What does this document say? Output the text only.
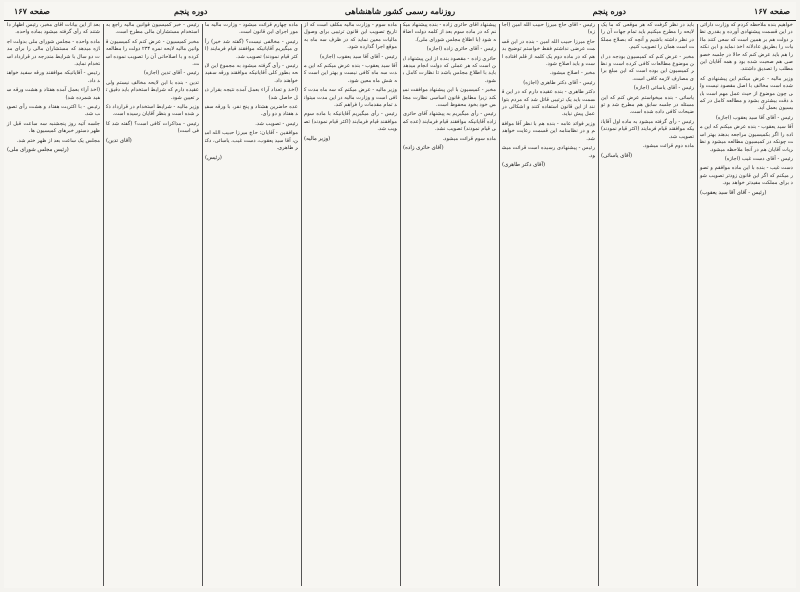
صفحه ۱۶۷
دوره پنجم
روزنامه رسمی کشور شاهنشاهی
دوره پنجم
صفحه ۱۶۷

خواهیم بنده ملاحظه کردم که وزارت دارائی در این قسمت پیشنهادی آورده و بقدری نظر دولت هم بر همین است که سعی کنند مالیات را بطریق عادلانه اخذ نماید و این نکته را هم باید عرض کنم که حالا در جلسه خصوصی هم صحبت شده بود و همه آقایان این مطلب را تصدیق داشتند.

وزیر مالیه - عرض میکنم این پیشنهادی که شده است مخالف با اصل مقصود نیست ولی چون موضوع از حیث عمل مهم است باید دقت بیشتری بشود و مطالعه کامل در کمیسیون بعمل آید.

رئیس - آقای آقا سید یعقوب (اجازه)

آقا سید یعقوب - بنده عرض میکنم که این ماده را اگر بکمیسیون مراجعه بدهند بهتر است چونکه در کمیسیون مطالعه میشود و نظریات آقایان هم در آنجا ملاحظه میشود.

رئیس - آقای دست غیب (اجازه)

دست غیب - بنده با این ماده موافقم و تصور میکنم که اگر این قانون زودتر تصویب شود برای مملکت مفیدتر خواهد بود.

(رئیس - آقای آقا سید یعقوب)

باید در نظر گرفت که هر موقعی که ما یک لایحه را مطرح میکنیم باید تمام جهات آن را در نظر داشته باشیم و آنچه که بصلاح مملکت است همان را تصویب کنیم.

مخبر - عرض کنم که کمیسیون بودجه در این موضوع مطالعات کافی کرده است و نظر کمیسیون این بوده است که این مبلغ برای مصارف لازمه کافی است.

رئیس - آقای یاسائی (اجازه)

یاسائی - بنده میخواستم عرض کنم که این مسئله در جلسه سابق هم مطرح شد و توضیحات کافی داده شده است.

رئیس - رأی گرفته میشود به ماده اول آقایانیکه موافقند قیام فرمایند (اکثر قیام نمودند) تصویب شد.

ماده دوم قرائت میشود.

(آقای یاسائی)

رئیس - آقای حاج میرزا حبیب الله امین (اجازه)

حاج میرزا حبیب الله امین - بنده در این قسمت عرضی نداشتم فقط خواستم توضیح بدهم که در ماده دوم یک کلمه از قلم افتاده است و باید اصلاح شود.

مخبر - اصلاح میشود.

رئیس - آقای دکتر طاهری (اجازه)

دکتر طاهری - بنده عقیده دارم که در این قسمت باید یک ترتیبی قائل شد که مردم بتوانند از این قانون استفاده کنند و اشکالی در عمل پیش نیاید.

وزیر فوائد عامه - بنده هم با نظر آقا موافقم و در نظامنامه این قسمت رعایت خواهد شد.

رئیس - پیشنهادی رسیده است قرائت میشود.

(آقای دکتر طاهری)

پیشنهاد آقای حائری زاده - بنده پیشنهاد میکنم که در ماده سوم بعد از کلمه دولت اضافه شود (با اطلاع مجلس شورای ملی).

رئیس - آقای حائری زاده (اجازه)

حائری زاده - مقصود بنده از این پیشنهاد این است که هر عملی که دولت انجام میدهد باید با اطلاع مجلس باشد تا نظارت کامل بشود.

مخبر - کمیسیون با این پیشنهاد موافقت نمیکند زیرا مطابق قانون اساسی نظارت مجلس خود بخود محفوظ است.

رئیس - رأی میگیریم به پیشنهاد آقای حائری زاده آقایانیکه موافقند قیام فرمایند (عده کمی قیام نمودند) تصویب نشد.

ماده سوم قرائت میشود.

(آقای حائری زاده)

ماده سوم - وزارت مالیه مکلف است که از تاریخ تصویب این قانون ترتیبی برای وصول مالیات معین نماید که در ظرف سه ماه به موقع اجرا گذارده شود.

رئیس - آقای آقا سید یعقوب (اجازه)

آقا سید یعقوب - بنده عرض میکنم که این مدت سه ماه کافی نیست و بهتر این است که شش ماه معین شود.

وزیر مالیه - عرض میکنم که سه ماه مدت کافی است و وزارت مالیه در این مدت میتواند تمام مقدمات را فراهم کند.

رئیس - رأی میگیریم آقایانیکه با ماده سوم موافقند قیام فرمایند (اکثر قیام نمودند) تصویب شد.

(وزیر مالیه)

ماده چهارم قرائت میشود - وزارت مالیه مأمور اجرای این قانون است.

رئیس - مخالفی نیست؟ (گفته شد خیر) رأی میگیریم آقایانیکه موافقند قیام فرمایند (اکثر قیام نمودند) تصویب شد.

رئیس - رأی گرفته میشود به مجموع این لایحه بطور کلی آقایانیکه موافقند ورقه سفید خواهند داد.

(اخذ و تعداد آراء بعمل آمده نتیجه بقرار ذیل حاصل شد)

عده حاضرین هشتاد و پنج نفر، با ورقه سفید هفتاد و دو رأی.

رئیس - تصویب شد.

موافقین - آقایان: حاج میرزا حبیب الله امین، آقا سید یعقوب، دست غیب، یاسائی، دکتر طاهری.

(رئیس)

رئیس - خبر کمیسیون قوانین مالیه راجع به استخدام مستشاران مالی مطرح است.

مخبر کمیسیون - عرض کنم که کمیسیون قوانین مالیه لایحه نمره ۲۳۴ دولت را مطالعه کرده و با اصلاحاتی آن را تصویب نموده است.

رئیس - آقای تدین (اجازه)

تدین - بنده با این لایحه مخالف نیستم ولی عقیده دارم که شرایط استخدام باید دقیق تر تعیین شود.

وزیر مالیه - شرایط استخدام در قرارداد ذکر شده است و بنظر آقایان رسیده است.

رئیس - مذاکرات کافی است؟ (گفته شد کافی است)

(آقای تدین)

بعد از این بیانات آقای مخبر، رئیس اظهار داشتند که رأی گرفته میشود بماده واحده.

ماده واحده - مجلس شورای ملی بدولت اجازه میدهد که مستشاران مالی را برای مدت دو سال با شرایط مندرجه در قرارداد استخدام نماید.

رئیس - آقایانیکه موافقند ورقه سفید خواهند داد.

(اخذ آراء بعمل آمده هفتاد و هشت ورقه سفید شمرده شد)

رئیس - با اکثریت هفتاد و هشت رأی تصویب شد.

جلسه آتیه روز پنجشنبه سه ساعت قبل از ظهر دستور خبرهای کمیسیون ها.

مجلس یک ساعت بعد از ظهر ختم شد.

(رئیس مجلس شورای ملی)
